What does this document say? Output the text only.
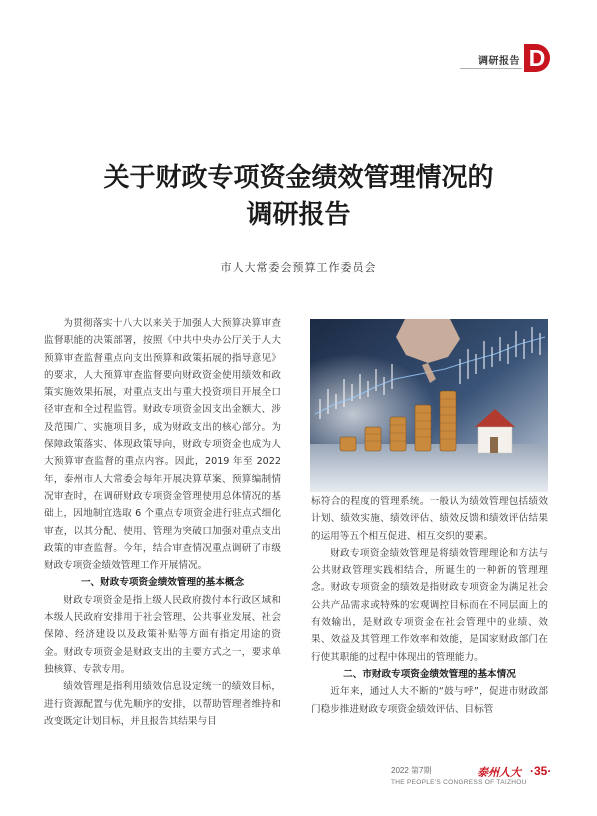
调研报告 D
关于财政专项资金绩效管理情况的
调研报告
市人大常委会预算工作委员会

为贯彻落实十八大以来关于加强人大预算决算审查监督职能的决策部署，按照《中共中央办公厅关于人大预算审查监督重点向支出预算和政策拓展的指导意见》的要求，人大预算审查监督要向财政资金使用绩效和政策实施效果拓展，对重点支出与重大投资项目开展全口径审查和全过程监管。财政专项资金因支出金额大、涉及范围广、实施项目多，成为财政支出的核心部分。为保障政策落实、体现政策导向，财政专项资金也成为人大预算审查监督的重点内容。因此，2019 年至 2022 年，泰州市人大常委会每年开展决算草案、预算编制情况审查时，在调研财政专项资金管理使用总体情况的基础上，因地制宜选取 6 个重点专项资金进行驻点式细化审查，以其分配、使用、管理为突破口加强对重点支出政策的审查监督。今年，结合审查情况重点调研了市级财政专项资金绩效管理工作开展情况。

一、财政专项资金绩效管理的基本概念

财政专项资金是指上级人民政府拨付本行政区域和本级人民政府安排用于社会管理、公共事业发展、社会保障、经济建设以及政策补贴等方面有指定用途的资金。财政专项资金是财政支出的主要方式之一，要求单独核算、专款专用。

绩效管理是指利用绩效信息设定统一的绩效目标，进行资源配置与优先顺序的安排，以帮助管理者维持和改变既定计划目标，并且报告其结果与目

标符合的程度的管理系统。一般认为绩效管理包括绩效计划、绩效实施、绩效评估、绩效反馈和绩效评估结果的运用等五个相互促进、相互交织的要素。

财政专项资金绩效管理是将绩效管理理论和方法与公共财政管理实践相结合，所诞生的一种新的管理理念。财政专项资金的绩效是指财政专项资金为满足社会公共产品需求或特殊的宏观调控目标而在不同层面上的有效输出，是财政专项资金在社会管理中的业绩、效果、效益及其管理工作效率和效能，是国家财政部门在行使其职能的过程中体现出的管理能力。

二、市财政专项资金绩效管理的基本情况

近年来，通过人大不断的“鼓与呼”，促进市财政部门稳步推进财政专项资金绩效评估、目标管

2022 第7期	泰州人大
THE PEOPLE'S CONGRESS OF TAIZHOU
·35·
